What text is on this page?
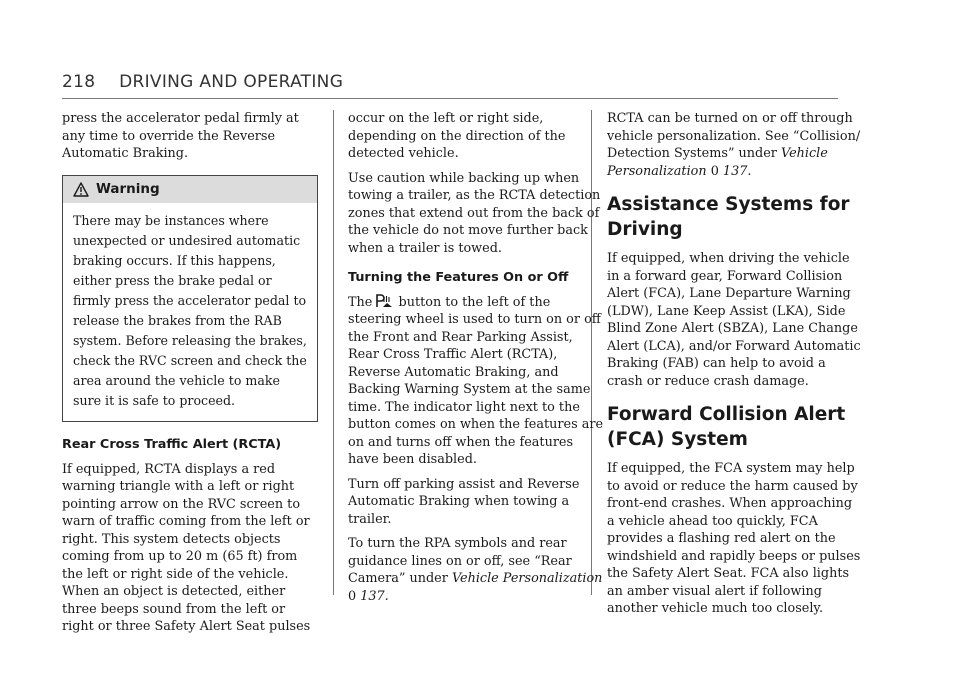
218 DRIVING AND OPERATING

press the accelerator pedal firmly at any time to override the Reverse Automatic Braking.

Warning
There may be instances where unexpected or undesired automatic braking occurs. If this happens, either press the brake pedal or firmly press the accelerator pedal to release the brakes from the RAB system. Before releasing the brakes, check the RVC screen and check the area around the vehicle to make sure it is safe to proceed.
Rear Cross Traffic Alert (RCTA)

If equipped, RCTA displays a red warning triangle with a left or right pointing arrow on the RVC screen to warn of traffic coming from the left or right. This system detects objects coming from up to 20 m (65 ft) from the left or right side of the vehicle. When an object is detected, either three beeps sound from the left or right or three Safety Alert Seat pulses

occur on the left or right side, depending on the direction of the detected vehicle.

Use caution while backing up when towing a trailer, as the RCTA detection zones that extend out from the back of the vehicle do not move further back when a trailer is towed.

Turning the Features On or Off

The button to the left of the steering wheel is used to turn on or off the Front and Rear Parking Assist, Rear Cross Traffic Alert (RCTA), Reverse Automatic Braking, and Backing Warning System at the same time. The indicator light next to the button comes on when the features are on and turns off when the features have been disabled.

Turn off parking assist and Reverse Automatic Braking when towing a trailer.

To turn the RPA symbols and rear guidance lines on or off, see “Rear Camera” under Vehicle Personalization 0 137.

RCTA can be turned on or off through vehicle personalization. See “Collision/ Detection Systems” under Vehicle Personalization 0 137.

Assistance Systems for Driving

If equipped, when driving the vehicle in a forward gear, Forward Collision Alert (FCA), Lane Departure Warning (LDW), Lane Keep Assist (LKA), Side Blind Zone Alert (SBZA), Lane Change Alert (LCA), and/or Forward Automatic Braking (FAB) can help to avoid a crash or reduce crash damage.

Forward Collision Alert (FCA) System

If equipped, the FCA system may help to avoid or reduce the harm caused by front-end crashes. When approaching a vehicle ahead too quickly, FCA provides a flashing red alert on the windshield and rapidly beeps or pulses the Safety Alert Seat. FCA also lights an amber visual alert if following another vehicle much too closely.
